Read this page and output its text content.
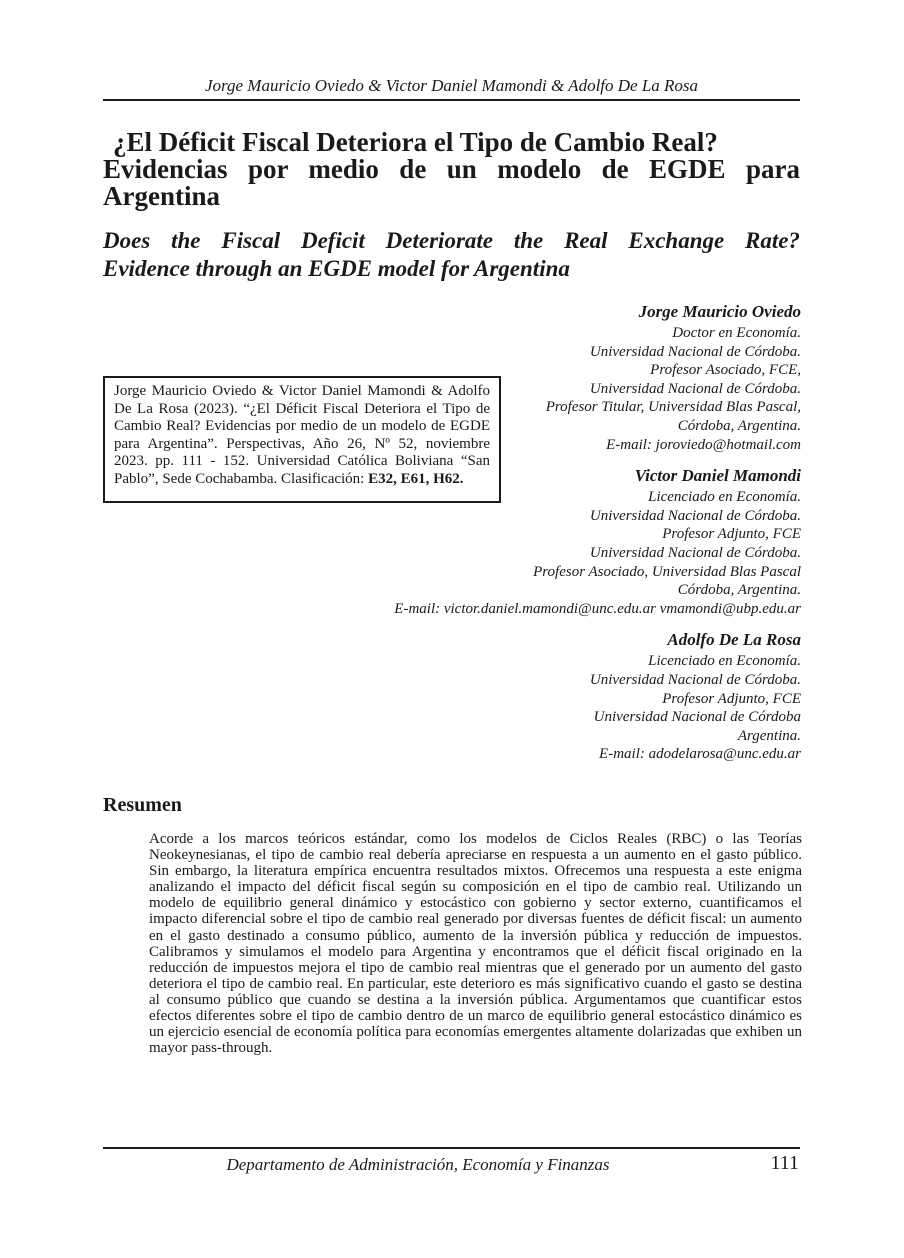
Jorge Mauricio Oviedo & Victor Daniel Mamondi & Adolfo De La Rosa
¿El Déficit Fiscal Deteriora el Tipo de Cambio Real?
Evidencias por medio de un modelo de EGDE para
Argentina
Does the Fiscal Deficit Deteriorate the Real Exchange Rate?
Evidence through an EGDE model for Argentina
Jorge Mauricio Oviedo & Victor Daniel Mamondi & Adolfo De La Rosa (2023). “¿El Déficit Fiscal Deteriora el Tipo de Cambio Real? Evidencias por medio de un modelo de EGDE para Argentina”. Perspectivas, Año 26, Nº 52, noviembre 2023. pp. 111 - 152. Universidad Católica Boliviana “San Pablo”, Sede Cochabamba. Clasificación: E32, E61, H62.
Jorge Mauricio Oviedo
Doctor en Economía.
Universidad Nacional de Córdoba.
Profesor Asociado, FCE,
Universidad Nacional de Córdoba.
Profesor Titular, Universidad Blas Pascal,
Córdoba, Argentina.
E-mail: joroviedo@hotmail.com
Victor Daniel Mamondi
Licenciado en Economía.
Universidad Nacional de Córdoba.
Profesor Adjunto, FCE
Universidad Nacional de Córdoba.
Profesor Asociado, Universidad Blas Pascal
Córdoba, Argentina.
E-mail: victor.daniel.mamondi@unc.edu.ar vmamondi@ubp.edu.ar
Adolfo De La Rosa
Licenciado en Economía.
Universidad Nacional de Córdoba.
Profesor Adjunto, FCE
Universidad Nacional de Córdoba
Argentina.
E-mail: adodelarosa@unc.edu.ar
Resumen
Acorde a los marcos teóricos estándar, como los modelos de Ciclos Reales (RBC) o las Teorías Neokeynesianas, el tipo de cambio real debería apreciarse en respuesta a un aumento en el gasto público. Sin embargo, la literatura empírica encuentra resultados mixtos. Ofrecemos una respuesta a este enigma analizando el impacto del déficit fiscal según su composición en el tipo de cambio real. Utilizando un modelo de equilibrio general dinámico y estocástico con gobierno y sector externo, cuantificamos el impacto diferencial sobre el tipo de cambio real generado por diversas fuentes de déficit fiscal: un aumento en el gasto destinado a consumo público, aumento de la inversión pública y reducción de impuestos. Calibramos y simulamos el modelo para Argentina y encontramos que el déficit fiscal originado en la reducción de impuestos mejora el tipo de cambio real mientras que el generado por un aumento del gasto deteriora el tipo de cambio real. En particular, este deterioro es más significativo cuando el gasto se destina al consumo público que cuando se destina a la inversión pública. Argumentamos que cuantificar estos efectos diferentes sobre el tipo de cambio dentro de un marco de equilibrio general estocástico dinámico es un ejercicio esencial de economía política para economías emergentes altamente dolarizadas que exhiben un mayor pass-through.
Departamento de Administración, Economía y Finanzas	111
